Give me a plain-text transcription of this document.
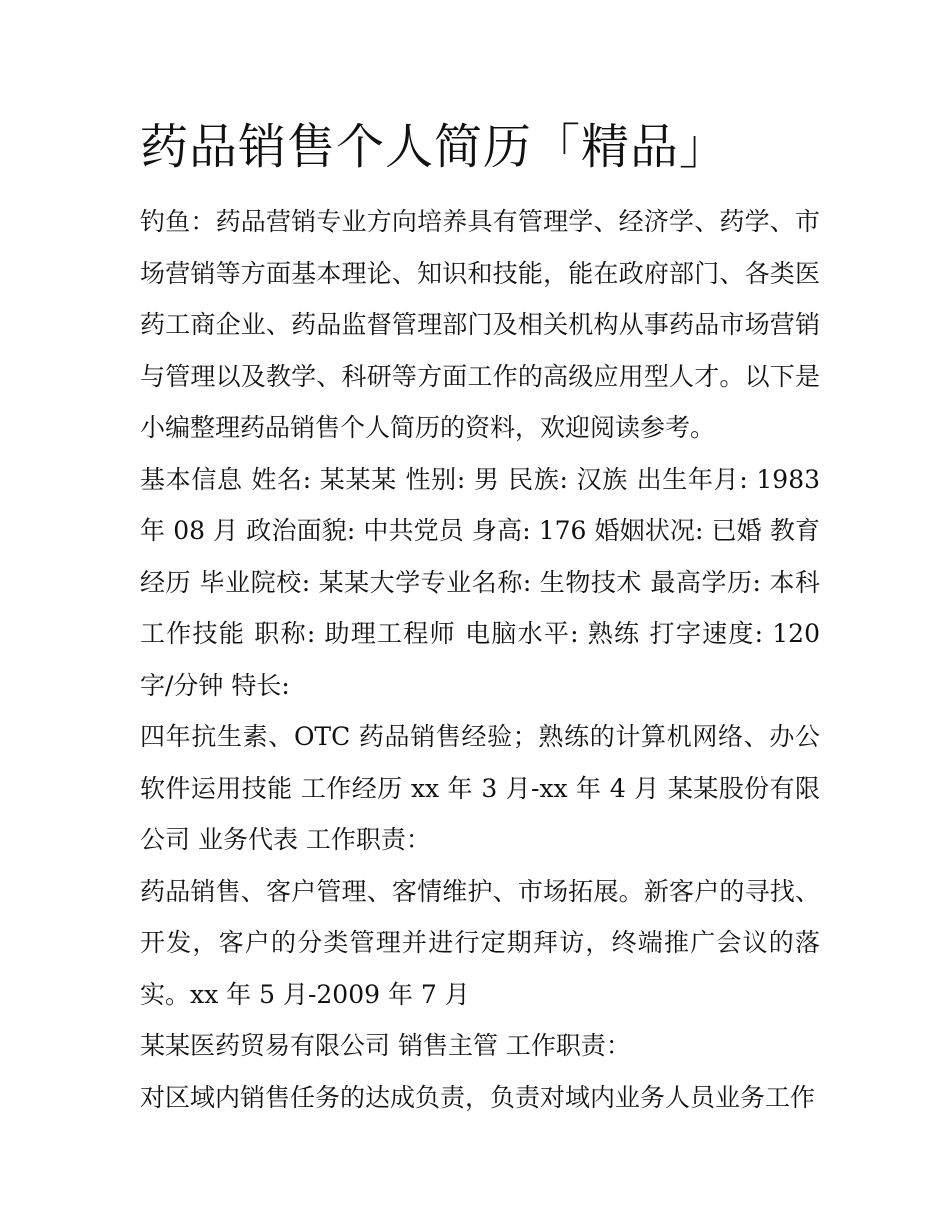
药品销售个人简历「精品」

钓鱼：药品营销专业方向培养具有管理学、经济学、药学、市场营销等方面基本理论、知识和技能，能在政府部门、各类医药工商企业、药品监督管理部门及相关机构从事药品市场营销与管理以及教学、科研等方面工作的高级应用型人才。以下是小编整理药品销售个人简历的资料，欢迎阅读参考。

基本信息 姓名: 某某某 性别: 男 民族: 汉族 出生年月: 1983 年 08 月 政治面貌: 中共党员 身高: 176 婚姻状况: 已婚 教育经历 毕业院校: 某某大学专业名称: 生物技术 最高学历: 本科 工作技能 职称: 助理工程师 电脑水平: 熟练 打字速度: 120 字/分钟 特长:

四年抗生素、OTC 药品销售经验；熟练的计算机网络、办公软件运用技能 工作经历 xx 年 3 月-xx 年 4 月 某某股份有限公司 业务代表 工作职责：

药品销售、客户管理、客情维护、市场拓展。新客户的寻找、开发，客户的分类管理并进行定期拜访，终端推广会议的落实。xx 年 5 月-2009 年 7 月

某某医药贸易有限公司 销售主管 工作职责：

对区域内销售任务的达成负责，负责对域内业务人员业务工作
